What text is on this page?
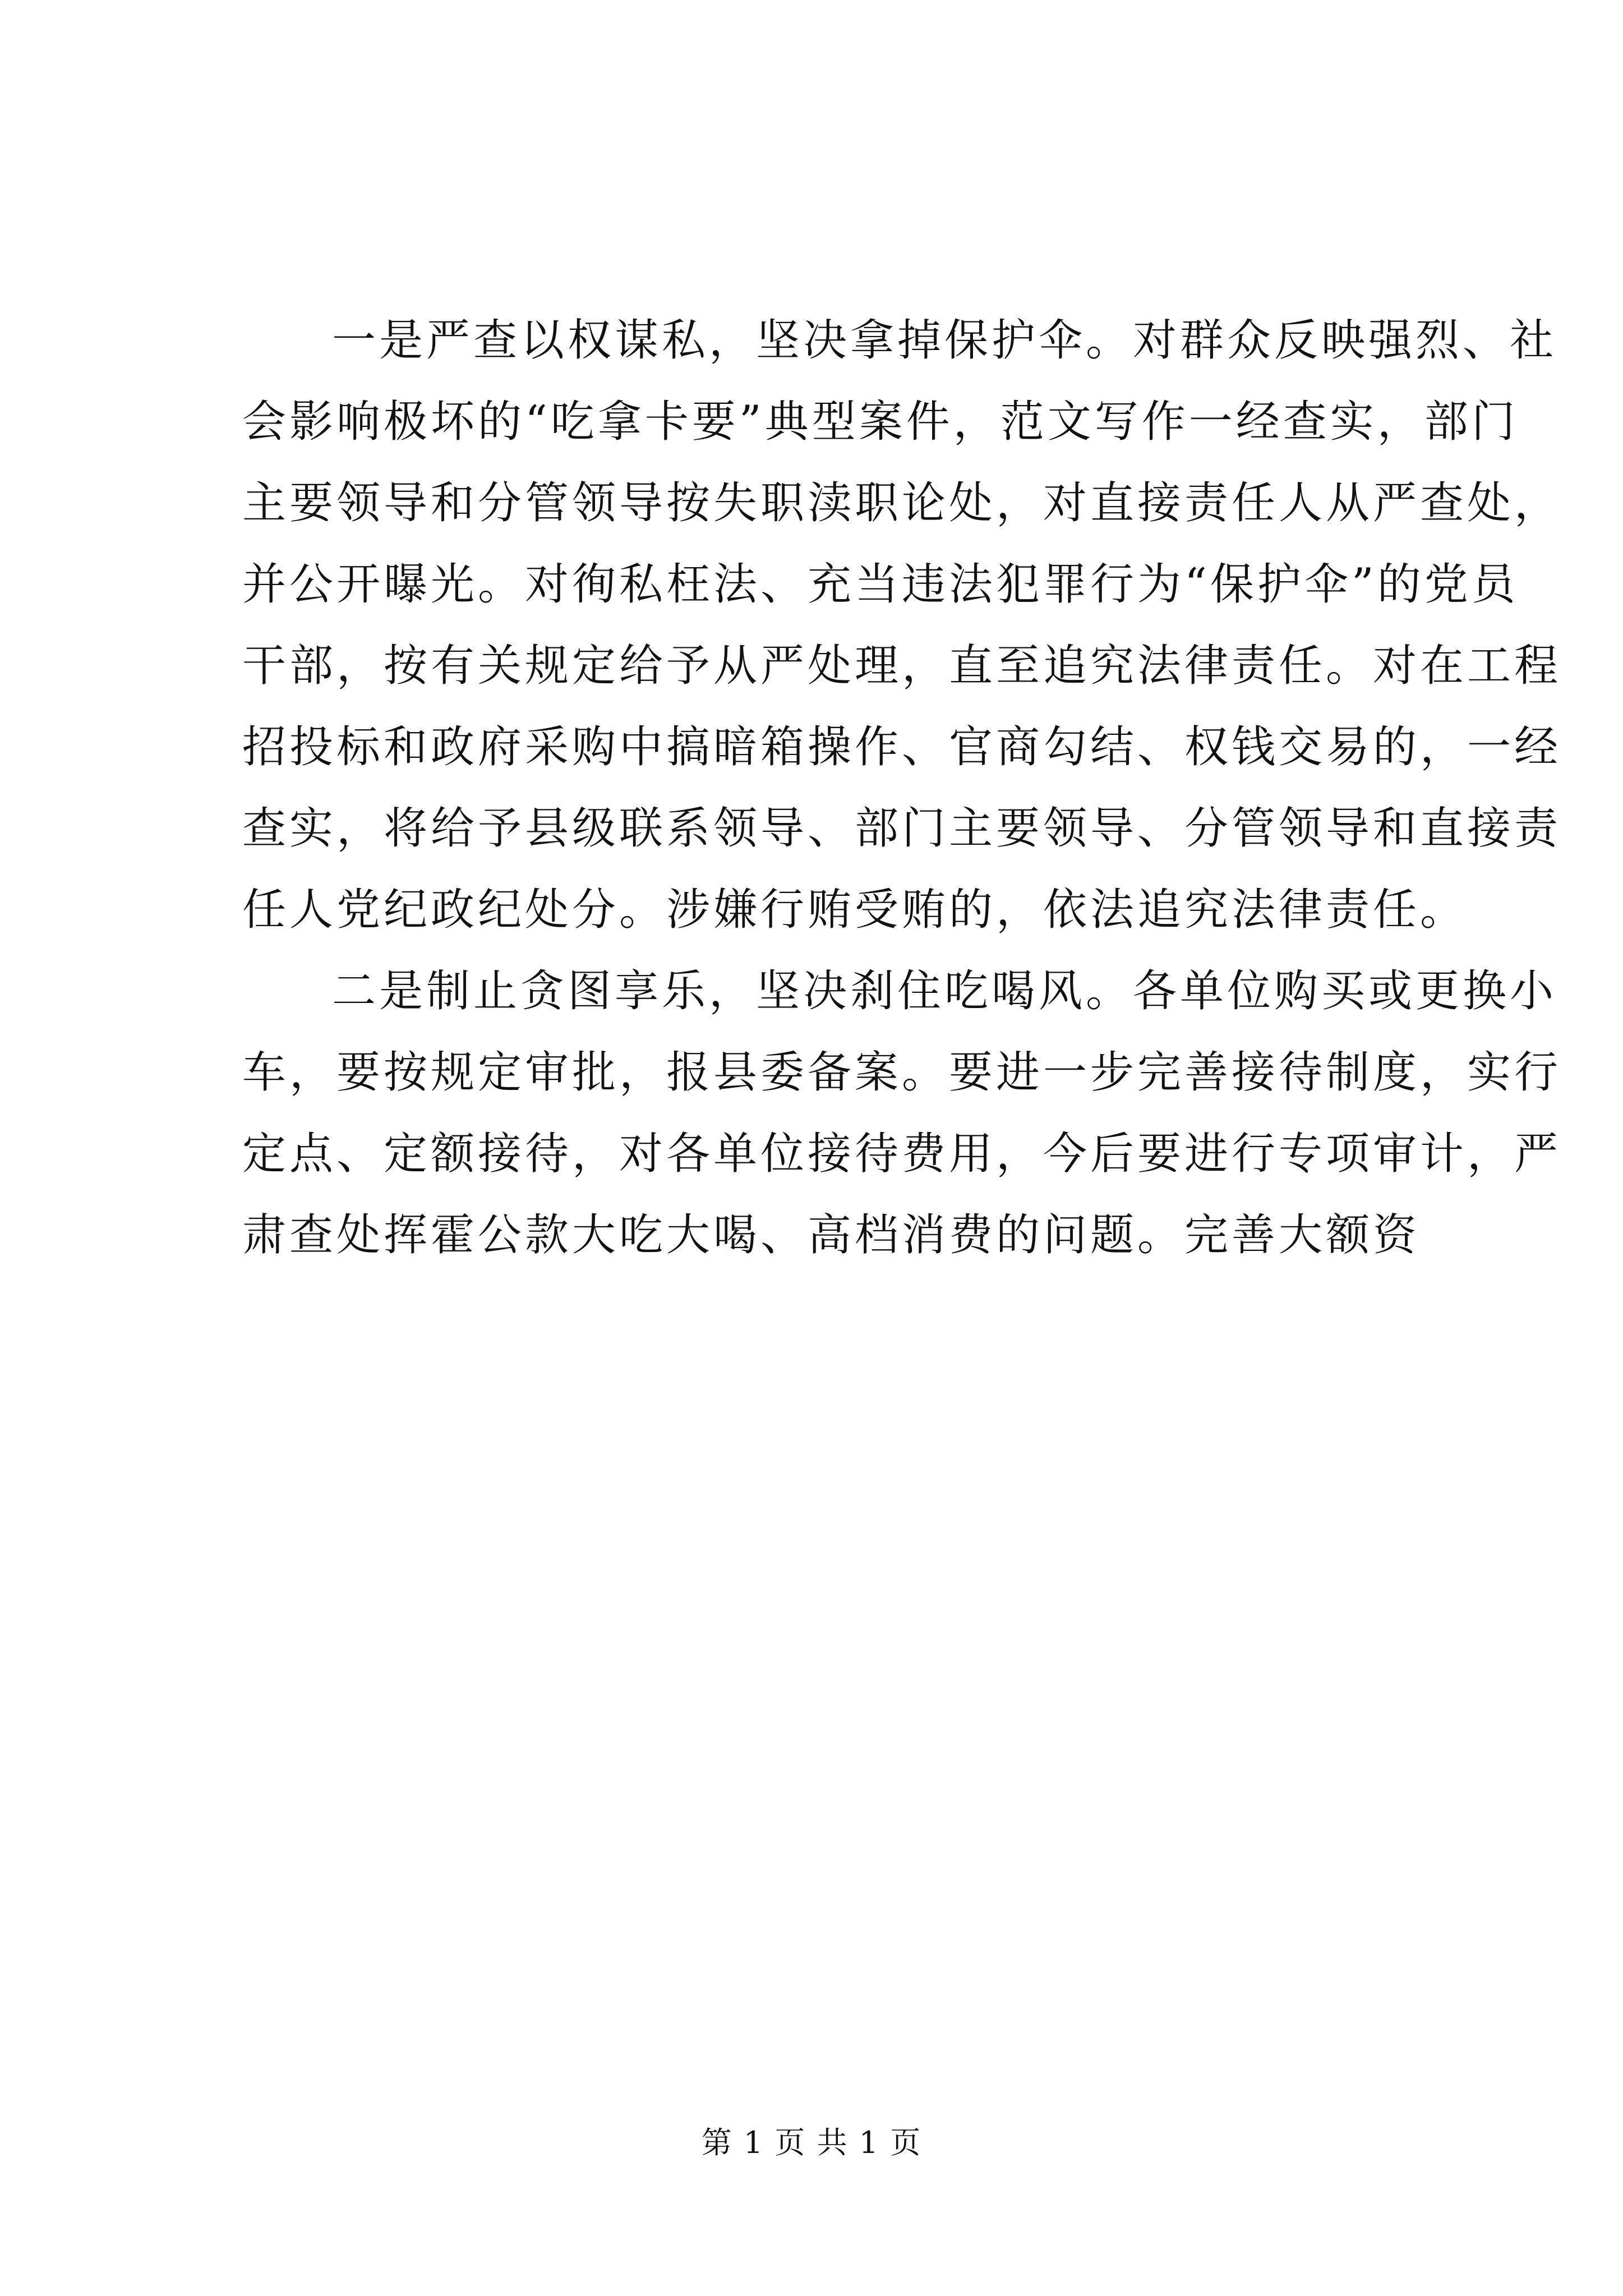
一是严查以权谋私，坚决拿掉保护伞。对群众反映强烈、社
会影响极坏的“吃拿卡要”典型案件，范文写作一经查实，部门
主要领导和分管领导按失职渎职论处，对直接责任人从严查处，
并公开曝光。对徇私枉法、充当违法犯罪行为“保护伞”的党员
干部，按有关规定给予从严处理，直至追究法律责任。对在工程
招投标和政府采购中搞暗箱操作、官商勾结、权钱交易的，一经
查实，将给予县级联系领导、部门主要领导、分管领导和直接责
任人党纪政纪处分。涉嫌行贿受贿的，依法追究法律责任。
二是制止贪图享乐，坚决刹住吃喝风。各单位购买或更换小
车，要按规定审批，报县委备案。要进一步完善接待制度，实行
定点、定额接待，对各单位接待费用，今后要进行专项审计，严
肃查处挥霍公款大吃大喝、高档消费的问题。完善大额资
第 1 页 共 1 页
